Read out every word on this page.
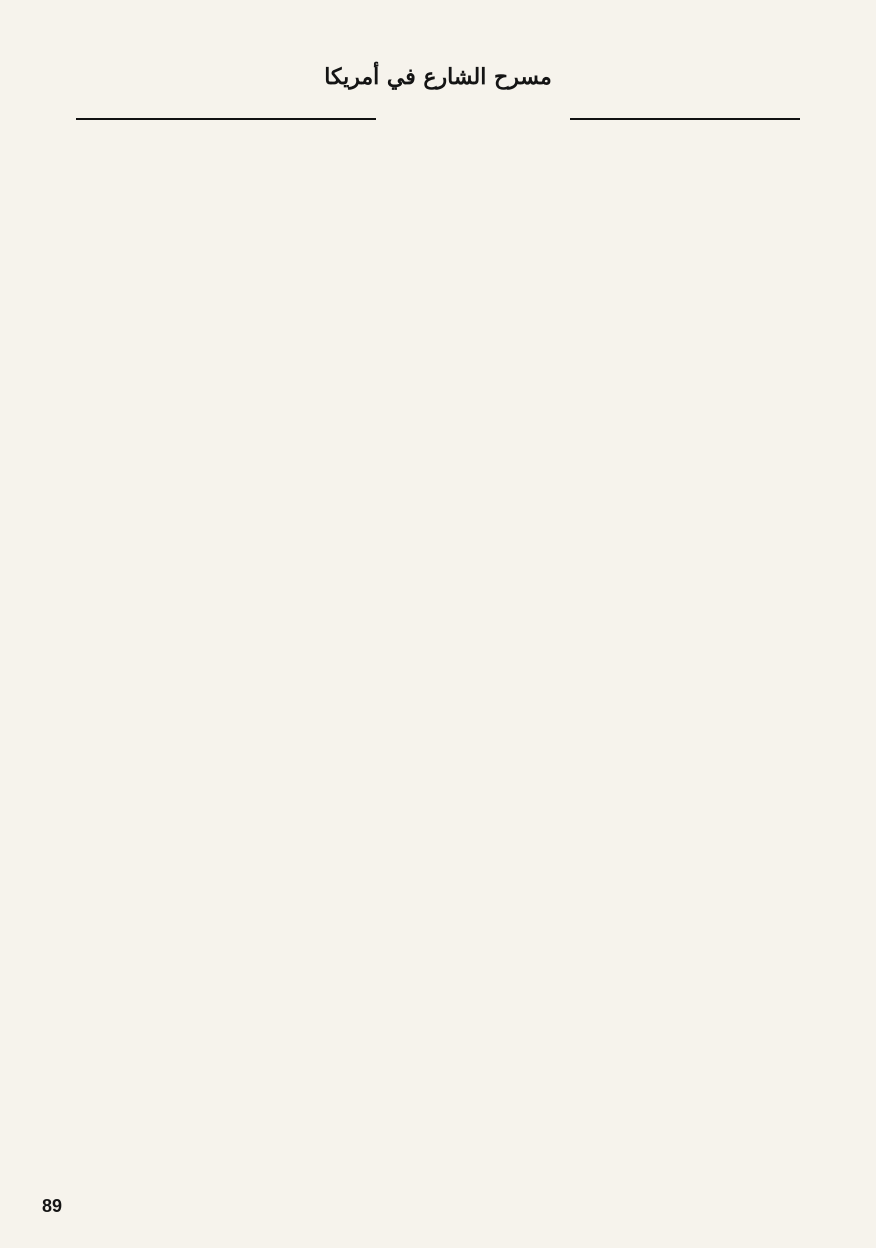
مسرح الشارع في أمريكا
89
